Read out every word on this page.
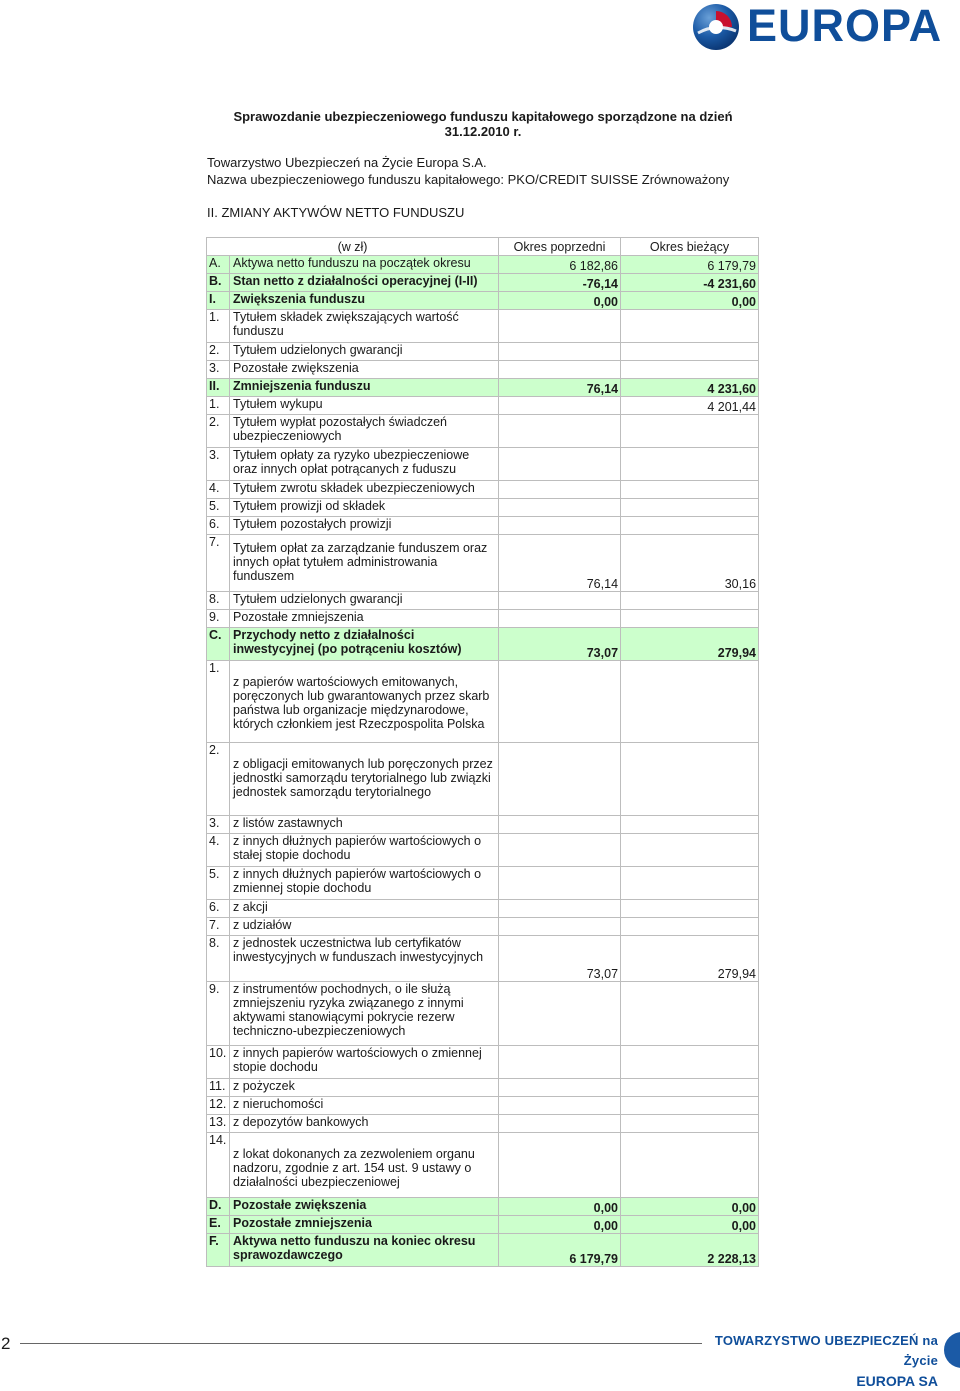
EUROPA
Sprawozdanie ubezpieczeniowego funduszu kapitałowego sporządzone na dzień
31.12.2010 r.
Towarzystwo Ubezpieczeń na Życie Europa S.A.
Nazwa ubezpieczeniowego funduszu kapitałowego: PKO/CREDIT SUISSE Zrównoważony
II. ZMIANY AKTYWÓW NETTO FUNDUSZU
(w zł)		Okres poprzedni	Okres bieżący
A.	Aktywa netto funduszu na początek okresu	6 182,86	6 179,79
B.	Stan netto z działalności operacyjnej (I-II)	-76,14	-4 231,60
I.	Zwiększenia funduszu	0,00	0,00
1.	Tytułem składek zwiększających wartość funduszu		
2.	Tytułem udzielonych gwarancji		
3.	Pozostałe zwiększenia		
II.	Zmniejszenia funduszu	76,14	4 231,60
1.	Tytułem wykupu		4 201,44
2.	Tytułem wypłat pozostałych świadczeń ubezpieczeniowych		
3.	Tytułem opłaty za ryzyko ubezpieczeniowe oraz innych opłat potrącanych z fuduszu		
4.	Tytułem zwrotu składek ubezpieczeniowych		
5.	Tytułem prowizji od składek		
6.	Tytułem pozostałych prowizji		
7.	Tytułem opłat za zarządzanie funduszem oraz innych opłat tytułem administrowania funduszem	76,14	30,16
8.	Tytułem udzielonych gwarancji		
9.	Pozostałe zmniejszenia		
C.	Przychody netto z działalności inwestycyjnej (po potrąceniu kosztów)	73,07	279,94
1.	z papierów wartościowych emitowanych, poręczonych lub gwarantowanych przez skarb państwa lub organizacje międzynarodowe, których członkiem jest Rzeczpospolita Polska		
2.	z obligacji emitowanych lub poręczonych przez jednostki samorządu terytorialnego lub związki jednostek samorządu terytorialnego		
3.	z listów zastawnych		
4.	z innych dłużnych papierów wartościowych o stałej stopie dochodu		
5.	z innych dłużnych papierów wartościowych o zmiennej stopie dochodu		
6.	z akcji		
7.	z udziałów		
8.	z jednostek uczestnictwa lub certyfikatów inwestycyjnych w funduszach inwestycyjnych	73,07	279,94
9.	z instrumentów pochodnych, o ile służą zmniejszeniu ryzyka związanego z innymi aktywami stanowiącymi pokrycie rezerw techniczno-ubezpieczeniowych		
10.	z innych papierów wartościowych o zmiennej stopie dochodu		
11.	z pożyczek		
12.	z nieruchomości		
13.	z depozytów bankowych		
14.	z lokat dokonanych za zezwoleniem organu nadzoru, zgodnie z art. 154 ust. 9 ustawy o działalności ubezpieczeniowej		
D.	Pozostałe zwiększenia	0,00	0,00
E.	Pozostałe zmniejszenia	0,00	0,00
F.	Aktywa netto funduszu na koniec okresu sprawozdawczego	6 179,79	2 228,13
2	TOWARZYSTWO UBEZPIECZEŃ na Życie
EUROPA SA
